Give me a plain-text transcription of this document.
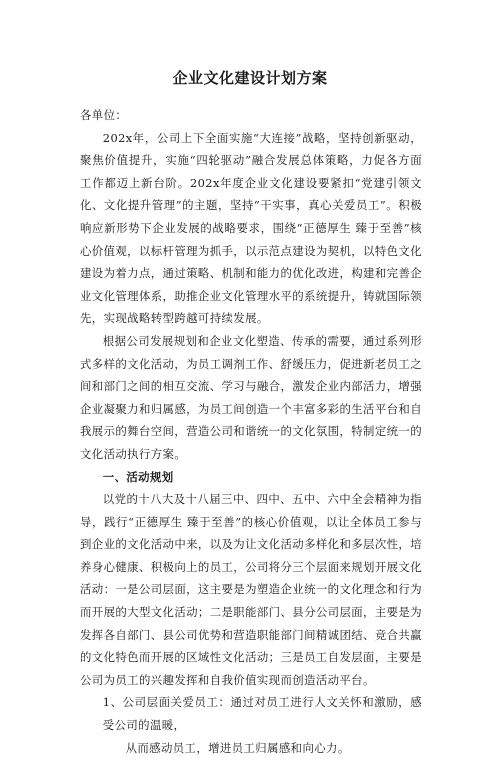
企业文化建设计划方案

各单位：

202x年，公司上下全面实施“大连接”战略，坚持创新驱动，聚焦价值提升，实施“四轮驱动”融合发展总体策略，力促各方面工作都迈上新台阶。202x年度企业文化建设要紧扣“党建引领文化、文化提升管理”的主题，坚持“干实事，真心关爱员工”。积极响应新形势下企业发展的战略要求，围绕“正德厚生 臻于至善”核心价值观，以标杆管理为抓手，以示范点建设为契机，以特色文化建设为着力点，通过策略、机制和能力的优化改进，构建和完善企业文化管理体系，助推企业文化管理水平的系统提升，铸就国际领先，实现战略转型跨越可持续发展。

根据公司发展规划和企业文化塑造、传承的需要，通过系列形式多样的文化活动，为员工调剂工作、舒缓压力，促进新老员工之间和部门之间的相互交流、学习与融合，激发企业内部活力，增强企业凝聚力和归属感，为员工间创造一个丰富多彩的生活平台和自我展示的舞台空间，营造公司和谐统一的文化氛围，特制定统一的文化活动执行方案。

一、活动规划

以党的十八大及十八届三中、四中、五中、六中全会精神为指导，践行“正德厚生 臻于至善”的核心价值观，以让全体员工参与到企业的文化活动中来，以及为让文化活动多样化和多层次性，培养身心健康、积极向上的员工，公司将分三个层面来规划开展文化活动：一是公司层面，这主要是为塑造企业统一的文化理念和行为而开展的大型文化活动；二是职能部门、县分公司层面，主要是为发挥各自部门、县公司优势和营造职能部门间精诚团结、竞合共赢的文化特色而开展的区域性文化活动；三是员工自发层面，主要是公司为员工的兴趣发挥和自我价值实现而创造活动平台。

1、公司层面关爱员工：通过对员工进行人文关怀和激励，感受公司的温暖，
从而感动员工，增进员工归属感和向心力。
